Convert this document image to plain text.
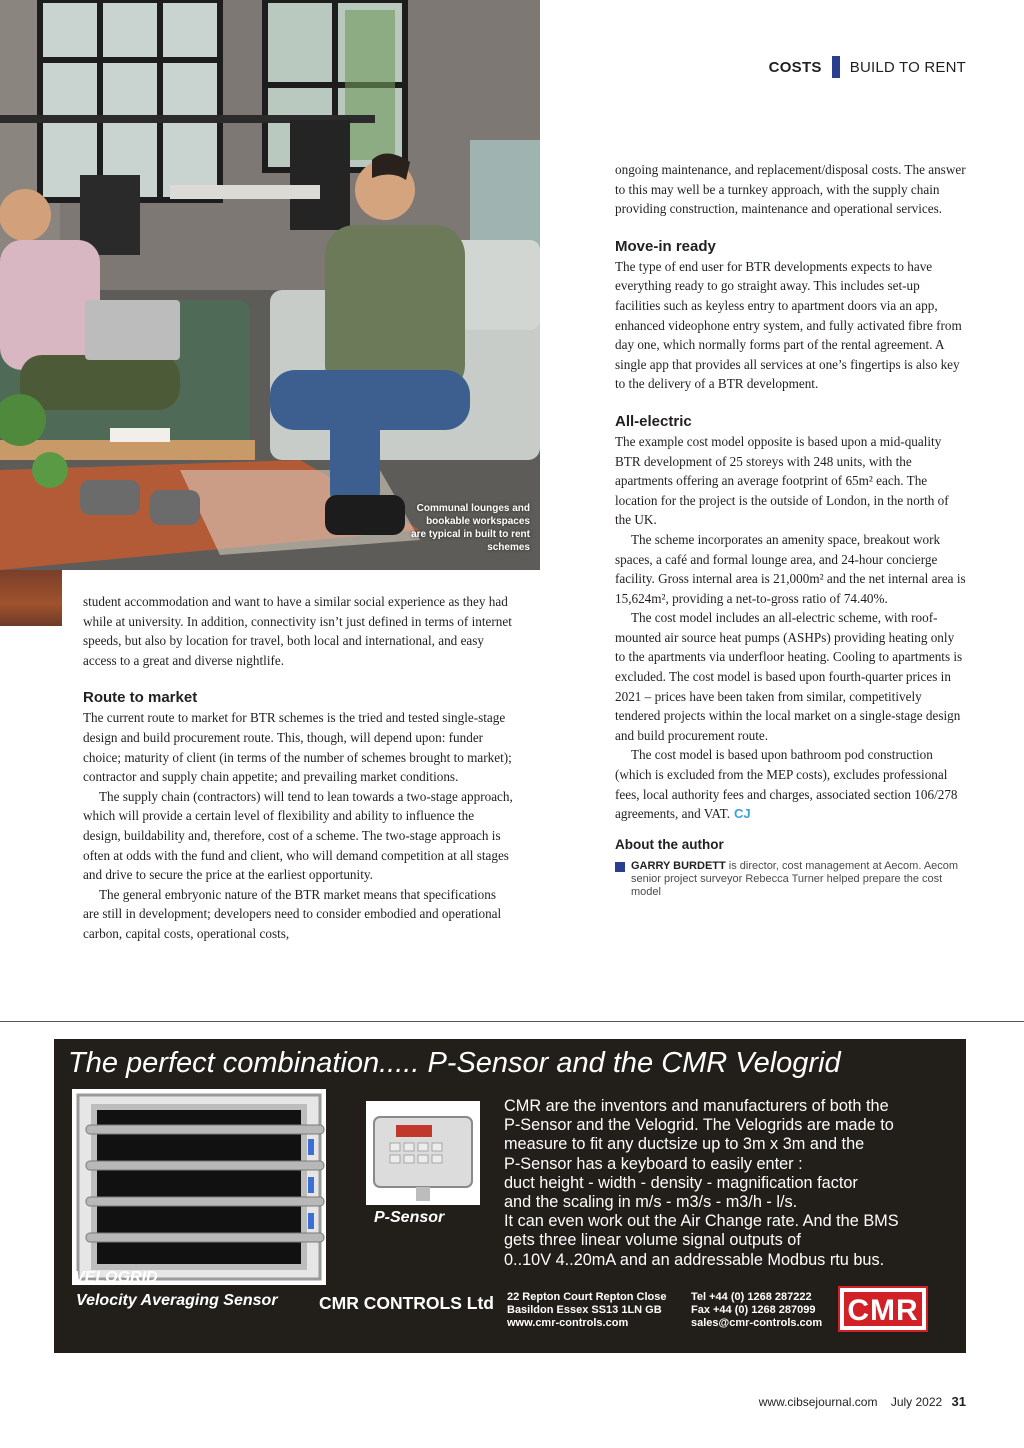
Communal lounges and bookable workspaces are typical in built to rent schemes
COSTS BUILD TO RENT

student accommodation and want to have a similar social experience as they had while at university. In addition, connectivity isn’t just defined in terms of internet speeds, but also by location for travel, both local and international, and easy access to a great and diverse nightlife.

Route to market

The current route to market for BTR schemes is the tried and tested single-stage design and build procurement route. This, though, will depend upon: funder choice; maturity of client (in terms of the number of schemes brought to market); contractor and supply chain appetite; and prevailing market conditions.

The supply chain (contractors) will tend to lean towards a two-stage approach, which will provide a certain level of flexibility and ability to influence the design, buildability and, therefore, cost of a scheme. The two-stage approach is often at odds with the fund and client, who will demand competition at all stages and drive to secure the price at the earliest opportunity.

The general embryonic nature of the BTR market means that specifications are still in development; developers need to consider embodied and operational carbon, capital costs, operational costs,

ongoing maintenance, and replacement/disposal costs. The answer to this may well be a turnkey approach, with the supply chain providing construction, maintenance and operational services.

Move-in ready

The type of end user for BTR developments expects to have everything ready to go straight away. This includes set-up facilities such as keyless entry to apartment doors via an app, enhanced videophone entry system, and fully activated fibre from day one, which normally forms part of the rental agreement. A single app that provides all services at one’s fingertips is also key to the delivery of a BTR development.

All-electric

The example cost model opposite is based upon a mid-quality BTR development of 25 storeys with 248 units, with the apartments offering an average footprint of 65m² each. The location for the project is the outside of London, in the north of the UK.

The scheme incorporates an amenity space, breakout work spaces, a café and formal lounge area, and 24-hour concierge facility. Gross internal area is 21,000m² and the net internal area is 15,624m², providing a net-to-gross ratio of 74.40%.

The cost model includes an all-electric scheme, with roof-mounted air source heat pumps (ASHPs) providing heating only to the apartments via underfloor heating. Cooling to apartments is excluded. The cost model is based upon fourth-quarter prices in 2021 – prices have been taken from similar, competitively tendered projects within the local market on a single-stage design and build procurement route.

The cost model is based upon bathroom pod construction (which is excluded from the MEP costs), excludes professional fees, local authority fees and charges, associated section 106/278 agreements, and VAT. CJ

About the author
GARRY BURDETT is director, cost management at Aecom. Aecom senior project surveyor Rebecca Turner helped prepare the cost model
The perfect combination..... P-Sensor and the CMR Velogrid
P-Sensor
CMR are the inventors and manufacturers of both the
P-Sensor and the Velogrid. The Velogrids are made to
measure to fit any ductsize up to 3m x 3m and the
P-Sensor has a keyboard to easily enter :
duct height - width - density - magnification factor
and the scaling in m/s - m3/s - m3/h - l/s.
It can even work out the Air Change rate. And the BMS
gets three linear volume signal outputs of
0..10V 4..20mA and an addressable Modbus rtu bus.
VELOGRID
Velocity Averaging Sensor CMR CONTROLS Ltd 22 Repton Court Repton Close
Basildon Essex SS13 1LN GB
www.cmr-controls.com
Tel +44 (0) 1268 287222
Fax +44 (0) 1268 287099
sales@cmr-controls.com CMR
www.cibsejournal.com July 2022 31
